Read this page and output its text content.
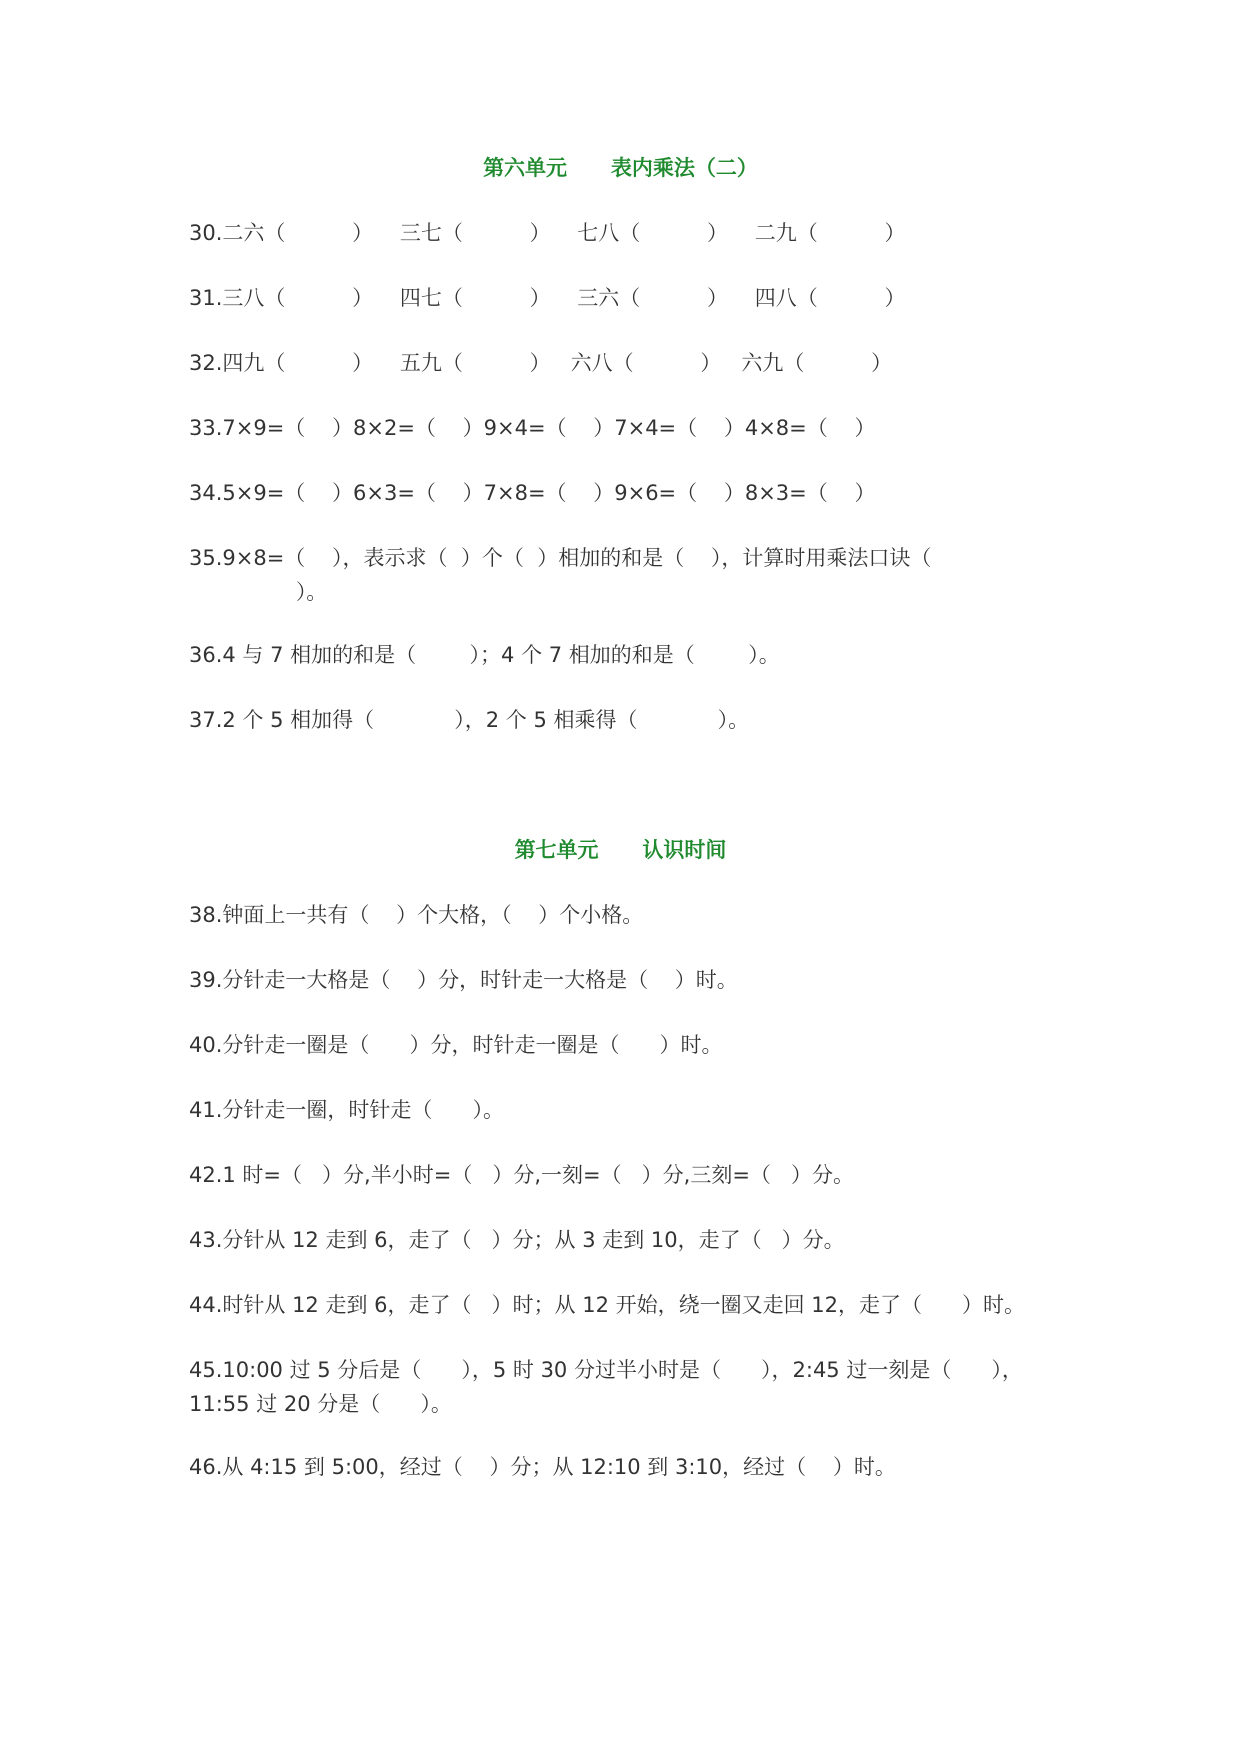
第六单元      表内乘法（二）
30.二六（          ）    三七（          ）    七八（          ）    二九（          ）
31.三八（          ）    四七（          ）    三六（          ）    四八（          ）
32.四九（          ）    五九（          ）   六八（          ）   六九（          ）
33.7×9=（    ）8×2=（    ）9×4=（    ）7×4=（    ）4×8=（    ）
34.5×9=（    ）6×3=（    ）7×8=（    ）9×6=（    ）8×3=（    ）
35.9×8=（    ），表示求（  ）个（  ）相加的和是（    ），计算时用乘法口诀（
）。
36.4 与 7 相加的和是（        ）；4 个 7 相加的和是（        ）。
37.2 个 5 相加得（            ），2 个 5 相乘得（            ）。
第七单元      认识时间
38.钟面上一共有（    ）个大格，（    ）个小格。
39.分针走一大格是（    ）分，时针走一大格是（    ）时。
40.分针走一圈是（      ）分，时针走一圈是（      ）时。
41.分针走一圈，时针走（      ）。
42.1 时=（   ）分,半小时=（   ）分,一刻=（   ）分,三刻=（   ）分。
43.分针从 12 走到 6，走了（   ）分；从 3 走到 10，走了（   ）分。
44.时针从 12 走到 6，走了（   ）时；从 12 开始，绕一圈又走回 12，走了（      ）时。
45.10:00 过 5 分后是（      ），5 时 30 分过半小时是（      ），2:45 过一刻是（      ），
11:55 过 20 分是（      ）。
46.从 4:15 到 5:00，经过（    ）分；从 12:10 到 3:10，经过（    ）时。
